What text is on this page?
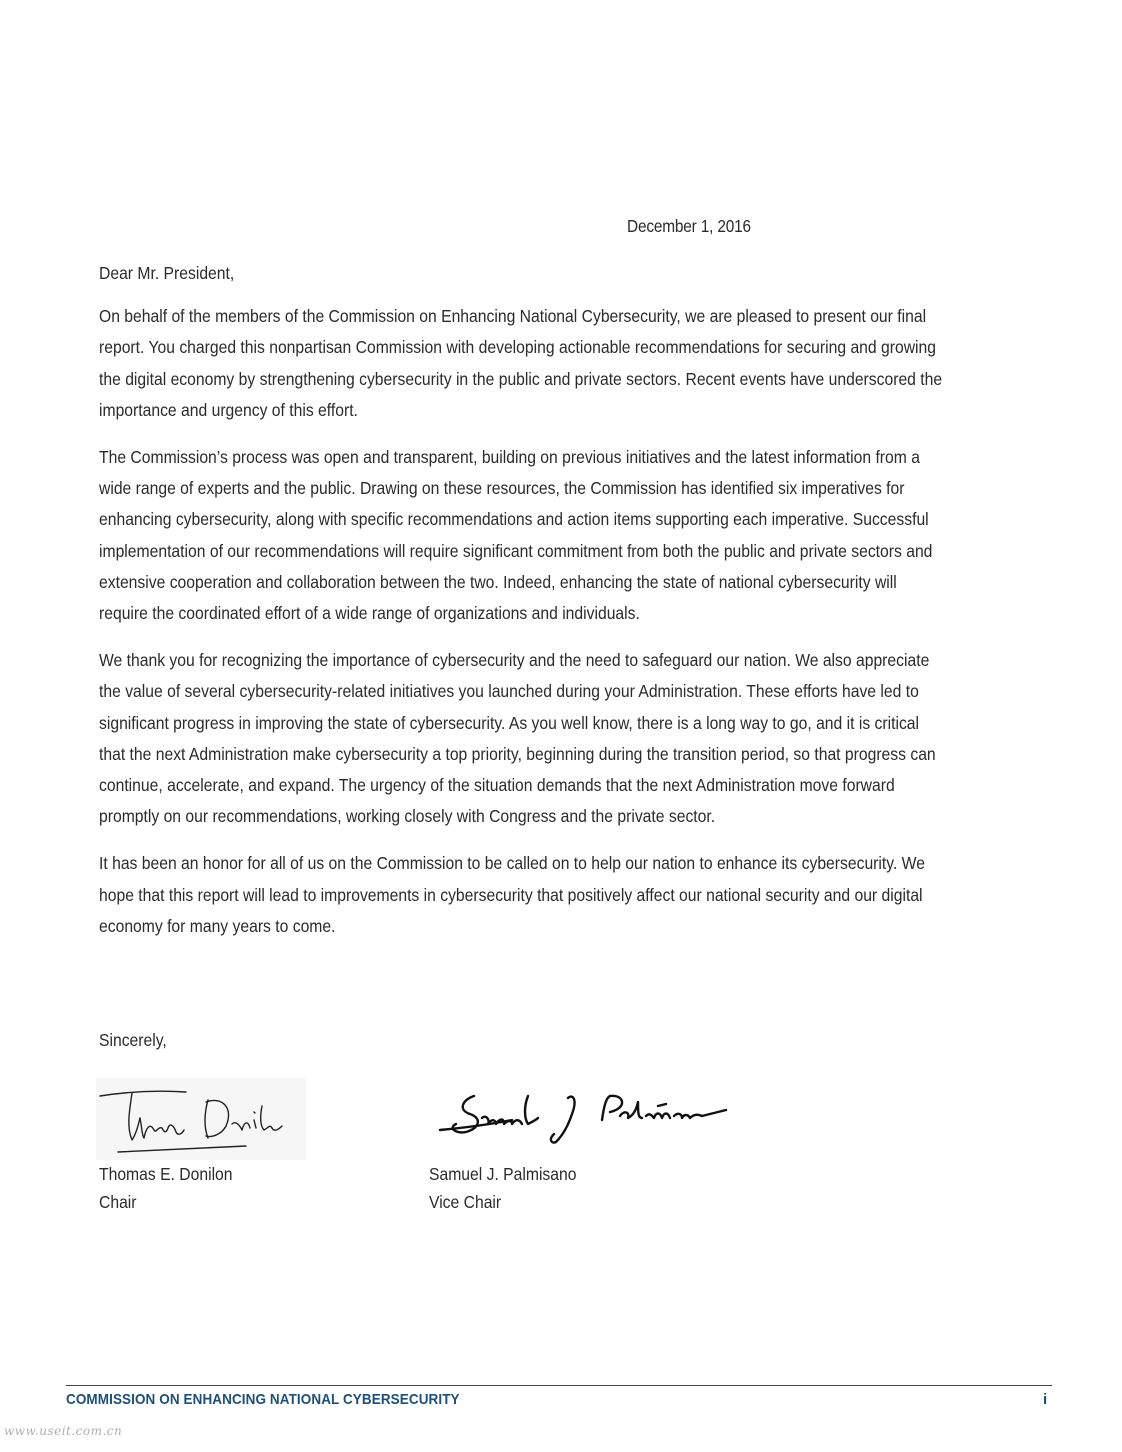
December 1, 2016

Dear Mr. President,

On behalf of the members of the Commission on Enhancing National Cybersecurity, we are pleased to present our final report. You charged this nonpartisan Commission with developing actionable recommendations for securing and growing the digital economy by strengthening cybersecurity in the public and private sectors. Recent events have underscored the importance and urgency of this effort.

The Commission’s process was open and transparent, building on previous initiatives and the latest information from a wide range of experts and the public. Drawing on these resources, the Commission has identified six imperatives for enhancing cybersecurity, along with specific recommendations and action items supporting each imperative. Successful implementation of our recommendations will require significant commitment from both the public and private sectors and extensive cooperation and collaboration between the two. Indeed, enhancing the state of national cybersecurity will require the coordinated effort of a wide range of organizations and individuals.

We thank you for recognizing the importance of cybersecurity and the need to safeguard our nation. We also appreciate the value of several cybersecurity-related initiatives you launched during your Administration. These efforts have led to significant progress in improving the state of cybersecurity. As you well know, there is a long way to go, and it is critical that the next Administration make cybersecurity a top priority, beginning during the transition period, so that progress can continue, accelerate, and expand. The urgency of the situation demands that the next Administration move forward promptly on our recommendations, working closely with Congress and the private sector.

It has been an honor for all of us on the Commission to be called on to help our nation to enhance its cybersecurity. We hope that this report will lead to improvements in cybersecurity that positively affect our national security and our digital economy for many years to come.

Sincerely,
Thomas E. Donilon
Chair
Samuel J. Palmisano
Vice Chair
COMMISSION ON ENHANCING NATIONAL CYBERSECURITY	i
www.useit.com.cn
